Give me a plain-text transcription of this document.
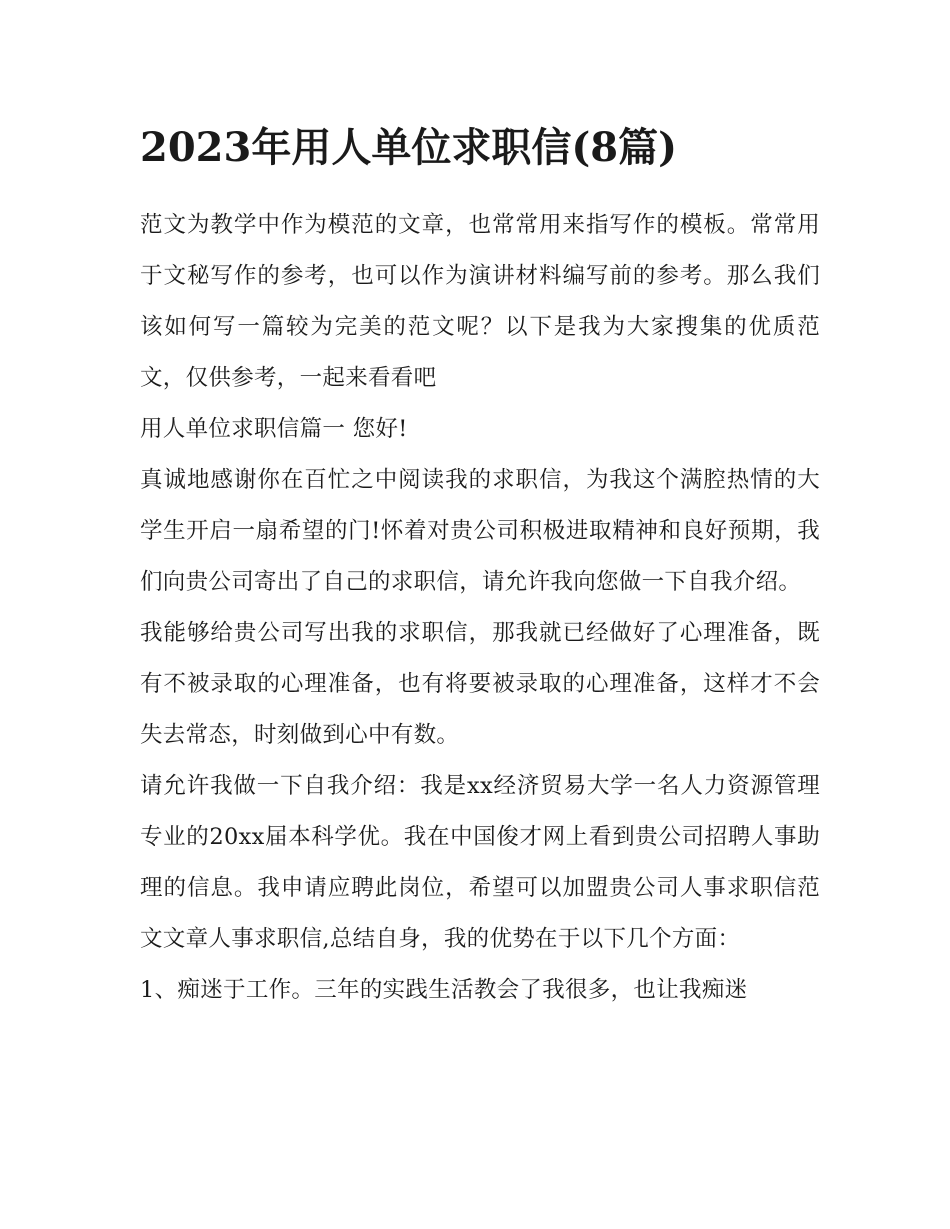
2023年用人单位求职信(8篇)

范文为教学中作为模范的文章，也常常用来指写作的模板。常常用于文秘写作的参考，也可以作为演讲材料编写前的参考。那么我们该如何写一篇较为完美的范文呢？以下是我为大家搜集的优质范文，仅供参考，一起来看看吧

用人单位求职信篇一 您好!

真诚地感谢你在百忙之中阅读我的求职信，为我这个满腔热情的大学生开启一扇希望的门!怀着对贵公司积极进取精神和良好预期，我们向贵公司寄出了自己的求职信，请允许我向您做一下自我介绍。

我能够给贵公司写出我的求职信，那我就已经做好了心理准备，既有不被录取的心理准备，也有将要被录取的心理准备，这样才不会失去常态，时刻做到心中有数。

请允许我做一下自我介绍：我是xx经济贸易大学一名人力资源管理专业的20xx届本科学优。我在中国俊才网上看到贵公司招聘人事助理的信息。我申请应聘此岗位，希望可以加盟贵公司人事求职信范文文章人事求职信,总结自身，我的优势在于以下几个方面：

1、痴迷于工作。三年的实践生活教会了我很多，也让我痴迷
